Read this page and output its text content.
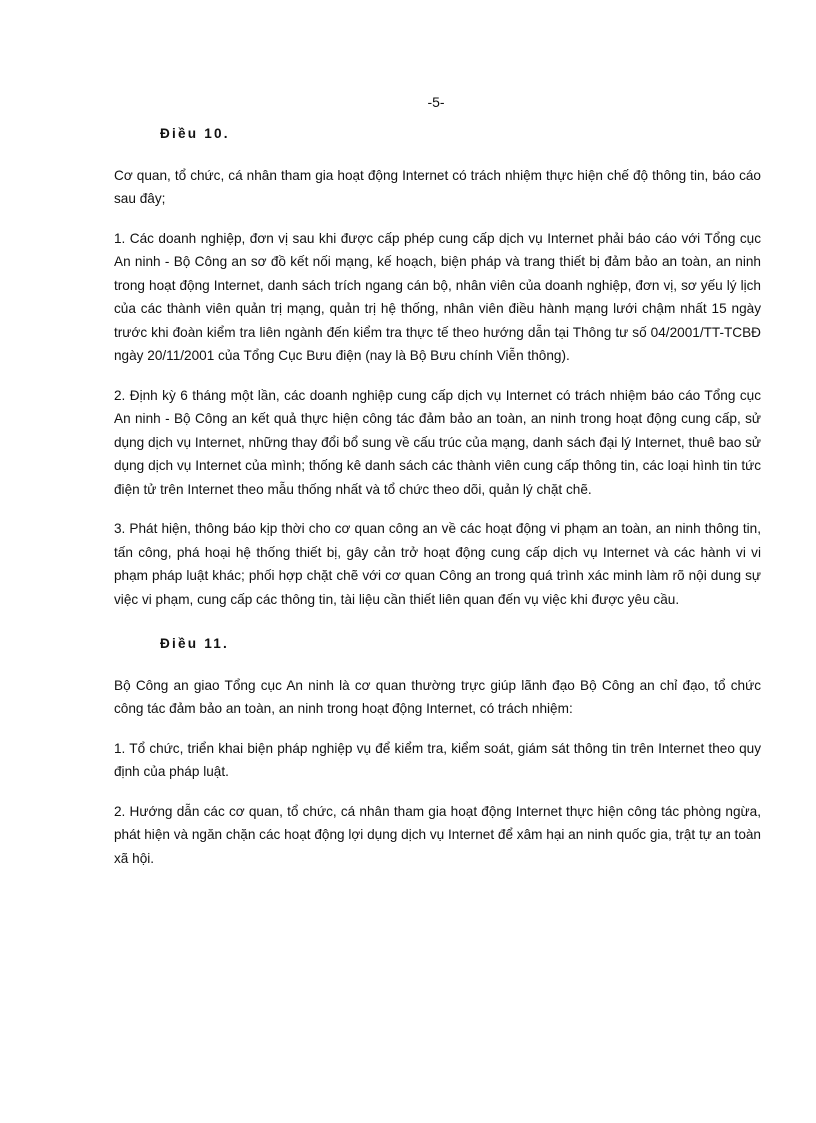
-5-
Điều 10.

Cơ quan, tổ chức, cá nhân tham gia hoạt động Internet có trách nhiệm thực hiện chế độ thông tin, báo cáo sau đây;

1. Các doanh nghiệp, đơn vị sau khi được cấp phép cung cấp dịch vụ Internet phải báo cáo với Tổng cục An ninh - Bộ Công an sơ đồ kết nối mạng, kế hoạch, biện pháp và trang thiết bị đảm bảo an toàn, an ninh trong hoạt động Internet, danh sách trích ngang cán bộ, nhân viên của doanh nghiệp, đơn vị, sơ yếu lý lịch của các thành viên quản trị mạng, quản trị hệ thống, nhân viên điều hành mạng lưới chậm nhất 15 ngày trước khi đoàn kiểm tra liên ngành đến kiểm tra thực tế theo hướng dẫn tại Thông tư số 04/2001/TT-TCBĐ ngày 20/11/2001 của Tổng Cục Bưu điện (nay là Bộ Bưu chính Viễn thông).

2. Định kỳ 6 tháng một lần, các doanh nghiệp cung cấp dịch vụ Internet có trách nhiệm báo cáo Tổng cục An ninh - Bộ Công an kết quả thực hiện công tác đảm bảo an toàn, an ninh trong hoạt động cung cấp, sử dụng dịch vụ Internet, những thay đổi bổ sung về cấu trúc của mạng, danh sách đại lý Internet, thuê bao sử dụng dịch vụ Internet của mình; thống kê danh sách các thành viên cung cấp thông tin, các loại hình tin tức điện tử trên Internet theo mẫu thống nhất và tổ chức theo dõi, quản lý chặt chẽ.

3. Phát hiện, thông báo kịp thời cho cơ quan công an về các hoạt động vi phạm an toàn, an ninh thông tin, tấn công, phá hoại hệ thống thiết bị, gây cản trở hoạt động cung cấp dịch vụ Internet và các hành vi vi phạm pháp luật khác; phối hợp chặt chẽ với cơ quan Công an trong quá trình xác minh làm rõ nội dung sự việc vi phạm, cung cấp các thông tin, tài liệu cần thiết liên quan đến vụ việc khi được yêu cầu.

Điều 11.

Bộ Công an giao Tổng cục An ninh là cơ quan thường trực giúp lãnh đạo Bộ Công an chỉ đạo, tổ chức công tác đảm bảo an toàn, an ninh trong hoạt động Internet, có trách nhiệm:

1. Tổ chức, triển khai biện pháp nghiệp vụ để kiểm tra, kiểm soát, giám sát thông tin trên Internet theo quy định của pháp luật.

2. Hướng dẫn các cơ quan, tổ chức, cá nhân tham gia hoạt động Internet thực hiện công tác phòng ngừa, phát hiện và ngăn chặn các hoạt động lợi dụng dịch vụ Internet để xâm hại an ninh quốc gia, trật tự an toàn xã hội.
